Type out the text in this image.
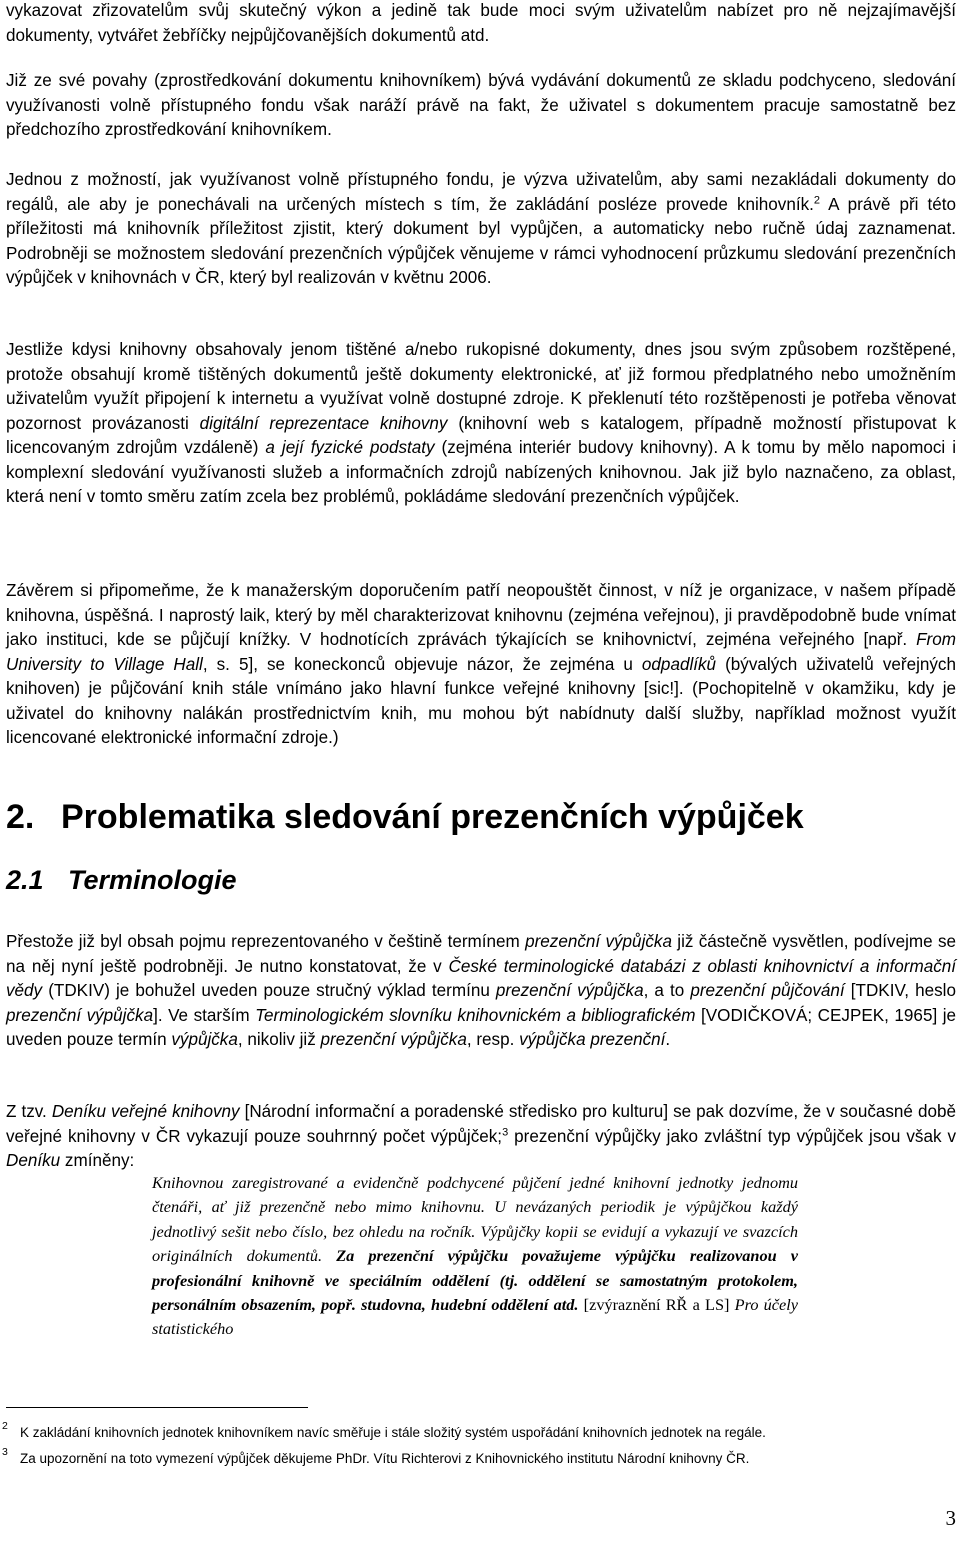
vykazovat zřizovatelům svůj skutečný výkon a jedině tak bude moci svým uživatelům nabízet pro ně nejzajímavější dokumenty, vytvářet žebříčky nejpůjčovanějších dokumentů atd.

Již ze své povahy (zprostředkování dokumentu knihovníkem) bývá vydávání dokumentů ze skladu podchyceno, sledování využívanosti volně přístupného fondu však naráží právě na fakt, že uživatel s dokumentem pracuje samostatně bez předchozího zprostředkování knihovníkem.

Jednou z možností, jak využívanost volně přístupného fondu, je výzva uživatelům, aby sami nezakládali dokumenty do regálů, ale aby je ponechávali na určených místech s tím, že zakládání posléze provede knihovník.$^2$ A právě při této příležitosti má knihovník příležitost zjistit, který dokument byl vypůjčen, a automaticky nebo ručně údaj zaznamenat. Podrobněji se možnostem sledování prezenčních výpůjček věnujeme v rámci vyhodnocení průzkumu sledování prezenčních výpůjček v knihovnách v ČR, který byl realizován v květnu 2006.

Jestliže kdysi knihovny obsahovaly jenom tištěné a/nebo rukopisné dokumenty, dnes jsou svým způsobem rozštěpené, protože obsahují kromě tištěných dokumentů ještě dokumenty elektronické, ať již formou předplatného nebo umožněním uživatelům využít připojení k internetu a využívat volně dostupné zdroje. K překlenutí této rozštěpenosti je potřeba věnovat pozornost provázanosti digitální reprezentace knihovny (knihovní web s katalogem, případně možností přistupovat k licencovaným zdrojům vzdáleně) a její fyzické podstaty (zejména interiér budovy knihovny). A k tomu by mělo napomoci i komplexní sledování využívanosti služeb a informačních zdrojů nabízených knihovnou. Jak již bylo naznačeno, za oblast, která není v tomto směru zatím zcela bez problémů, pokládáme sledování prezenčních výpůjček.

Závěrem si připomeňme, že k manažerským doporučením patří neopouštět činnost, v níž je organizace, v našem případě knihovna, úspěšná. I naprostý laik, který by měl charakterizovat knihovnu (zejména veřejnou), ji pravděpodobně bude vnímat jako instituci, kde se půjčují knížky. V hodnotících zprávách týkajících se knihovnictví, zejména veřejného [např. From University to Village Hall, s. 5], se koneckonců objevuje názor, že zejména u odpadlíků (bývalých uživatelů veřejných knihoven) je půjčování knih stále vnímáno jako hlavní funkce veřejné knihovny [sic!]. (Pochopitelně v okamžiku, kdy je uživatel do knihovny nalákán prostřednictvím knih, mu mohou být nabídnuty další služby, například možnost využít licencované elektronické informační zdroje.)

2. Problematika sledování prezenčních výpůjček
2.1 Terminologie

Přestože již byl obsah pojmu reprezentovaného v češtině termínem prezenční výpůjčka již částečně vysvětlen, podívejme se na něj nyní ještě podrobněji. Je nutno konstatovat, že v České terminologické databázi z oblasti knihovnictví a informační vědy (TDKIV) je bohužel uveden pouze stručný výklad termínu prezenční výpůjčka, a to prezenční půjčování [TDKIV, heslo prezenční výpůjčka]. Ve starším Terminologickém slovníku knihovnickém a bibliografickém [VODIČKOVÁ; CEJPEK, 1965] je uveden pouze termín výpůjčka, nikoliv již prezenční výpůjčka, resp. výpůjčka prezenční.

Z tzv. Deníku veřejné knihovny [Národní informační a poradenské středisko pro kulturu] se pak dozvíme, že v současné době veřejné knihovny v ČR vykazují pouze souhrnný počet výpůjček;$^3$ prezenční výpůjčky jako zvláštní typ výpůjček jsou však v Deníku zmíněny:

Knihovnou zaregistrované a evidenčně podchycené půjčení jedné knihovní jednotky jednomu čtenáři, ať již prezenčně nebo mimo knihovnu. U nevázaných periodik je výpůjčkou každý jednotlivý sešit nebo číslo, bez ohledu na ročník. Výpůjčky kopii se evidují a vykazují ve svazcích originálních dokumentů. Za prezenční výpůjčku považujeme výpůjčku realizovanou v profesionální knihovně ve speciálním oddělení (tj. oddělení se samostatným protokolem, personálním obsazením, popř. studovna, hudební oddělení atd. [zvýraznění RŘ a LS] Pro účely statistického
2 K zakládání knihovních jednotek knihovníkem navíc směřuje i stále složitý systém uspořádání knihovních jednotek na regále.
3 Za upozornění na toto vymezení výpůjček děkujeme PhDr. Vítu Richterovi z Knihovnického institutu Národní knihovny ČR.
3
